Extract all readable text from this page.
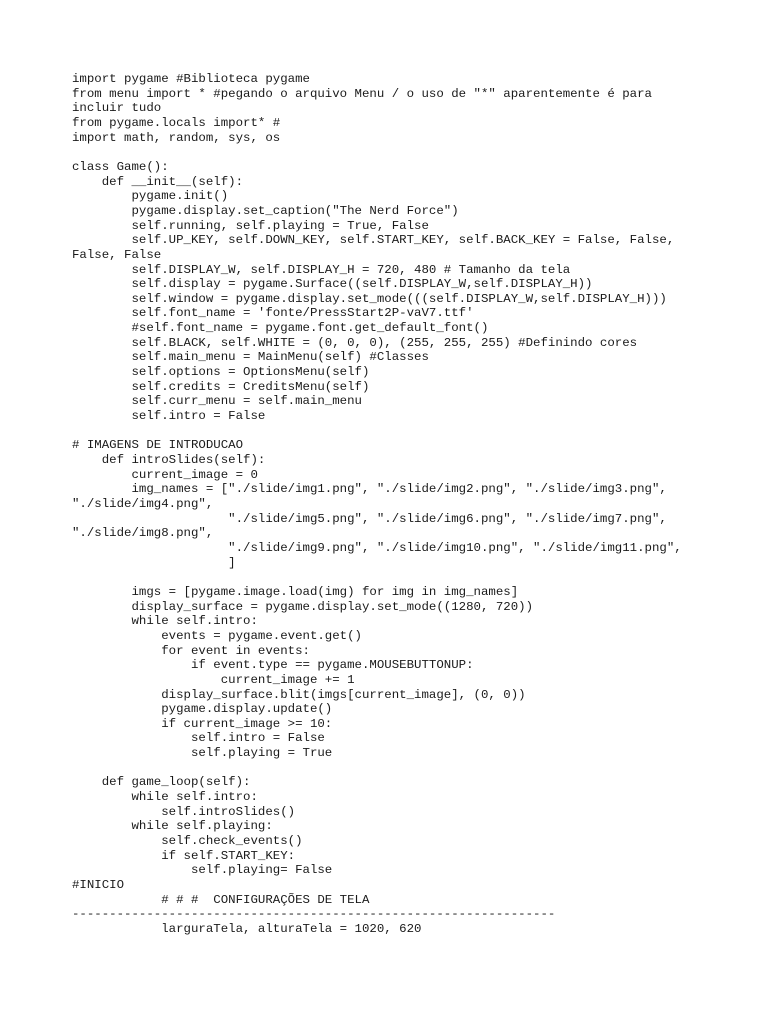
import pygame #Biblioteca pygame
from menu import * #pegando o arquivo Menu / o uso de "*" aparentemente é para
incluir tudo
from pygame.locals import* #
import math, random, sys, os
class Game():
def __init__(self):
pygame.init()
pygame.display.set_caption("The Nerd Force")
self.running, self.playing = True, False
self.UP_KEY, self.DOWN_KEY, self.START_KEY, self.BACK_KEY = False, False,
False, False
self.DISPLAY_W, self.DISPLAY_H = 720, 480 # Tamanho da tela
self.display = pygame.Surface((self.DISPLAY_W,self.DISPLAY_H))
self.window = pygame.display.set_mode(((self.DISPLAY_W,self.DISPLAY_H)))
self.font_name = 'fonte/PressStart2P-vaV7.ttf'
#self.font_name = pygame.font.get_default_font()
self.BLACK, self.WHITE = (0, 0, 0), (255, 255, 255) #Definindo cores
self.main_menu = MainMenu(self) #Classes
self.options = OptionsMenu(self)
self.credits = CreditsMenu(self)
self.curr_menu = self.main_menu
self.intro = False
# IMAGENS DE INTRODUCAO
def introSlides(self):
current_image = 0
img_names = ["./slide/img1.png", "./slide/img2.png", "./slide/img3.png",
"./slide/img4.png",
"./slide/img5.png", "./slide/img6.png", "./slide/img7.png",
"./slide/img8.png",
"./slide/img9.png", "./slide/img10.png", "./slide/img11.png",
]
imgs = [pygame.image.load(img) for img in img_names]
display_surface = pygame.display.set_mode((1280, 720))
while self.intro:
events = pygame.event.get()
for event in events:
if event.type == pygame.MOUSEBUTTONUP:
current_image += 1
display_surface.blit(imgs[current_image], (0, 0))
pygame.display.update()
if current_image >= 10:
self.intro = False
self.playing = True
def game_loop(self):
while self.intro:
self.introSlides()
while self.playing:
self.check_events()
if self.START_KEY:
self.playing= False
#INICIO
# # #  CONFIGURAÇÕES DE TELA
-----------------------------------------------------------------
larguraTela, alturaTela = 1020, 620
